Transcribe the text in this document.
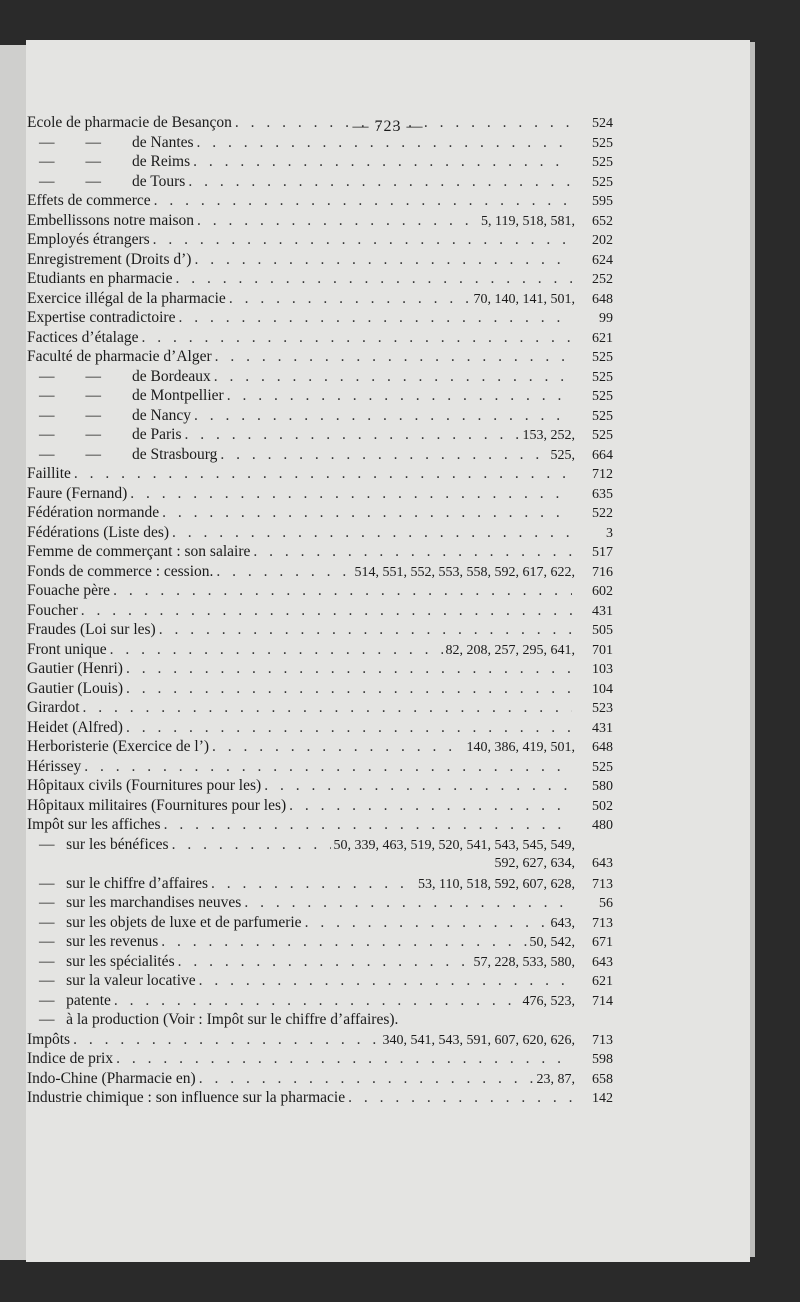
— 723 —
Ecole de pharmacie de Besançon . . .	524
—        —        de Nantes . . .	525
—        —        de Reims . . .	525
—        —        de Tours . . .	525
Effets de commerce . . .	595
Embellissons notre maison . . .	5, 119, 518, 581,	652
Employés étrangers . . .	202
Enregistrement (Droits d’) . . .	624
Etudiants en pharmacie . . .	252
Exercice illégal de la pharmacie . . .	70, 140, 141, 501,	648
Expertise contradictoire . . .	99
Factices d’étalage . . .	621
Faculté de pharmacie d’Alger . . .	525
—        —        de Bordeaux . . .	525
—        —        de Montpellier . . .	525
—        —        de Nancy . . .	525
—        —        de Paris . . .	153, 252,	525
—        —        de Strasbourg . . .	525,	664
Faillite . . .	712
Faure (Fernand) . . .	635
Fédération normande . . .	522
Fédérations (Liste des) . . .	3
Femme de commerçant : son salaire . . .	517
Fonds de commerce : cession. . . .	514, 551, 552, 553, 558, 592, 617, 622,	716
Fouache père . . .	602
Foucher . . .	431
Fraudes (Loi sur les) . . .	505
Front unique . . .	82, 208, 257, 295, 641,	701
Gautier (Henri) . . .	103
Gautier (Louis) . . .	104
Girardot . . .	523
Heidet (Alfred) . . .	431
Herboristerie (Exercice de l’) . . .	140, 386, 419, 501,	648
Hérissey . . .	525
Hôpitaux civils (Fournitures pour les) . . .	580
Hôpitaux militaires (Fournitures pour les) . . .	502
Impôt sur les affiches . . .	480
—   sur les bénéfices . . .	50, 339, 463, 519, 520, 541, 543, 545, 549,
592, 627, 634,	643
—   sur le chiffre d’affaires . . .	53, 110, 518, 592, 607, 628,	713
—   sur les marchandises neuves . . .	56
—   sur les objets de luxe et de parfumerie . . .	643,	713
—   sur les revenus . . .	50, 542,	671
—   sur les spécialités . . .	57, 228, 533, 580,	643
—   sur la valeur locative . . .	621
—   patente . . .	476, 523,	714
—   à la production (Voir : Impôt sur le chiffre d’affaires).
Impôts . . .	340, 541, 543, 591, 607, 620, 626,	713
Indice de prix . . .	598
Indo-Chine (Pharmacie en) . . .	23, 87,	658
Industrie chimique : son influence sur la pharmacie . . .	142
